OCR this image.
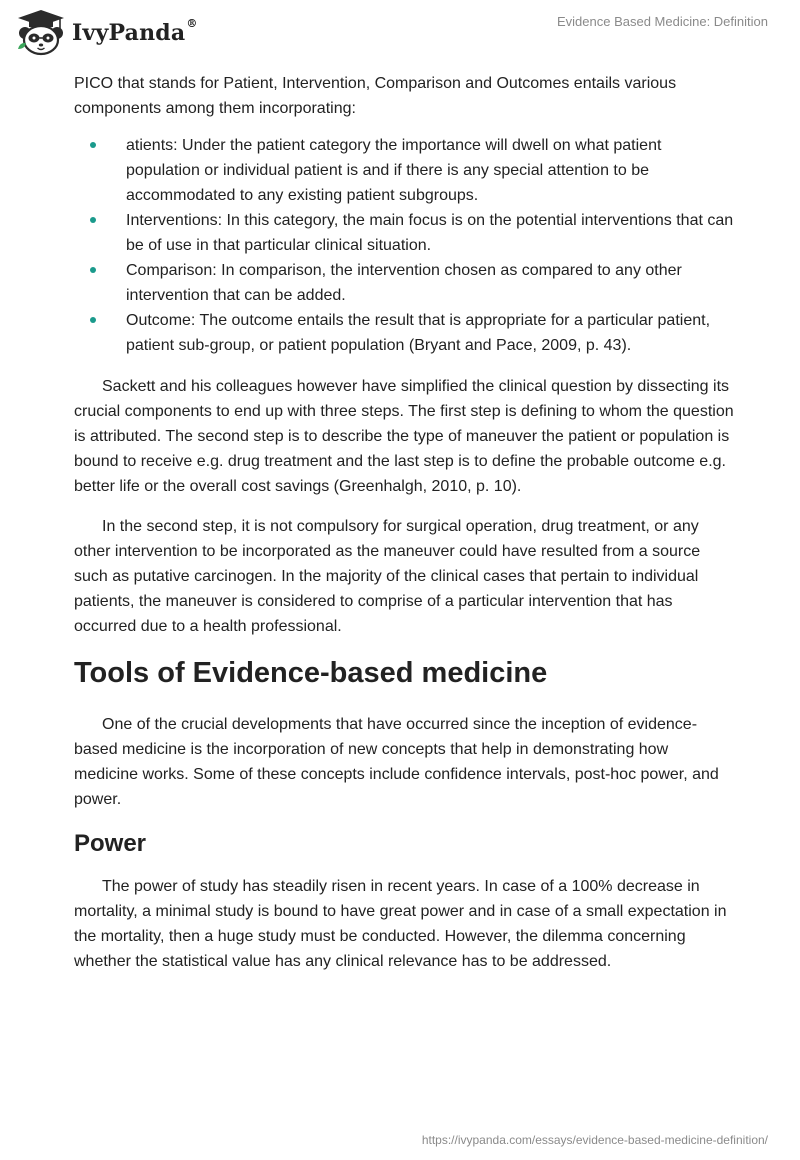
IvyPanda ®	Evidence Based Medicine: Definition

PICO that stands for Patient, Intervention, Comparison and Outcomes entails various components among them incorporating:

atients: Under the patient category the importance will dwell on what patient population or individual patient is and if there is any special attention to be accommodated to any existing patient subgroups.
Interventions: In this category, the main focus is on the potential interventions that can be of use in that particular clinical situation.
Comparison: In comparison, the intervention chosen as compared to any other intervention that can be added.
Outcome: The outcome entails the result that is appropriate for a particular patient, patient sub-group, or patient population (Bryant and Pace, 2009, p. 43).

Sackett and his colleagues however have simplified the clinical question by dissecting its crucial components to end up with three steps. The first step is defining to whom the question is attributed. The second step is to describe the type of maneuver the patient or population is bound to receive e.g. drug treatment and the last step is to define the probable outcome e.g. better life or the overall cost savings (Greenhalgh, 2010, p. 10).

In the second step, it is not compulsory for surgical operation, drug treatment, or any other intervention to be incorporated as the maneuver could have resulted from a source such as putative carcinogen. In the majority of the clinical cases that pertain to individual patients, the maneuver is considered to comprise of a particular intervention that has occurred due to a health professional.

Tools of Evidence-based medicine

One of the crucial developments that have occurred since the inception of evidence-based medicine is the incorporation of new concepts that help in demonstrating how medicine works. Some of these concepts include confidence intervals, post-hoc power, and power.

Power

The power of study has steadily risen in recent years. In case of a 100% decrease in mortality, a minimal study is bound to have great power and in case of a small expectation in the mortality, then a huge study must be conducted. However, the dilemma concerning whether the statistical value has any clinical relevance has to be addressed.

https://ivypanda.com/essays/evidence-based-medicine-definition/
